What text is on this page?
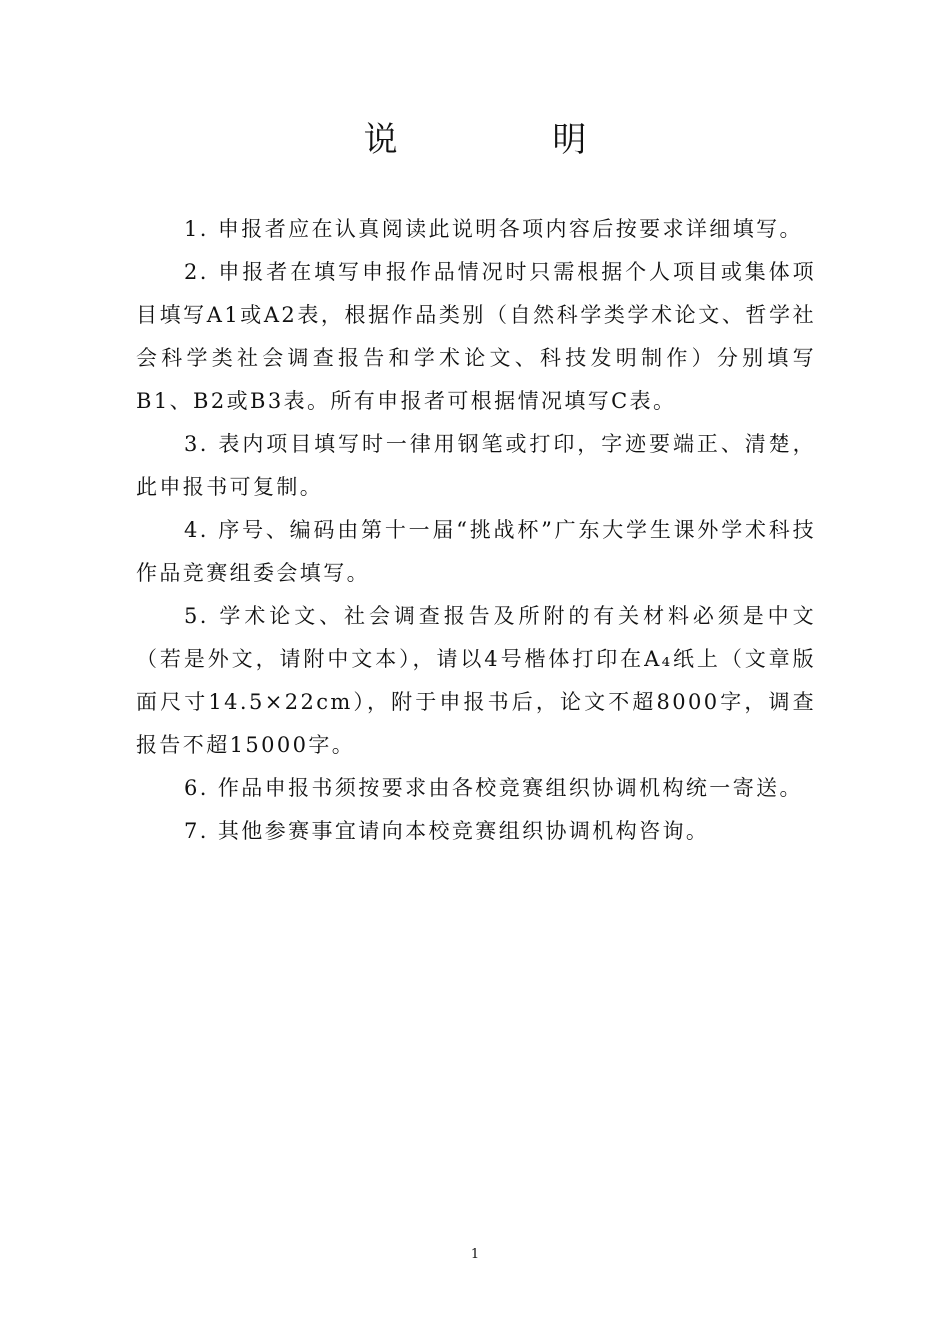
说 明

1. 申报者应在认真阅读此说明各项内容后按要求详细填写。

2. 申报者在填写申报作品情况时只需根据个人项目或集体项目填写A1或A2表，根据作品类别（自然科学类学术论文、哲学社会科学类社会调查报告和学术论文、科技发明制作）分别填写B1、B2或B3表。所有申报者可根据情况填写C表。

3. 表内项目填写时一律用钢笔或打印，字迹要端正、清楚，此申报书可复制。

4. 序号、编码由第十一届“挑战杯”广东大学生课外学术科技作品竞赛组委会填写。

5. 学术论文、社会调查报告及所附的有关材料必须是中文（若是外文，请附中文本），请以4号楷体打印在A₄纸上（文章版面尺寸14.5×22cm），附于申报书后，论文不超8000字，调查报告不超15000字。

6. 作品申报书须按要求由各校竞赛组织协调机构统一寄送。

7. 其他参赛事宜请向本校竞赛组织协调机构咨询。

1
